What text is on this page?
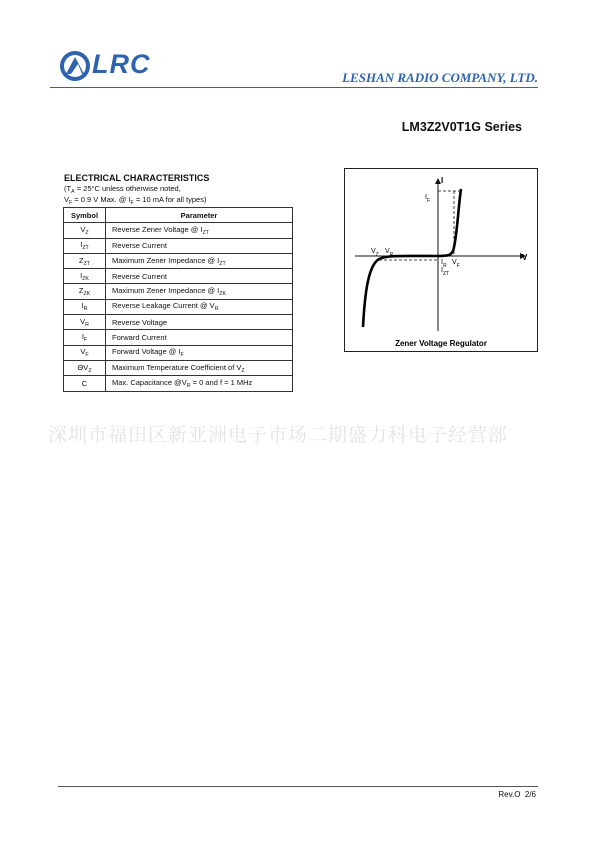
LRC	LESHAN RADIO COMPANY, LTD.
LM3Z2V0T1G Series
ELECTRICAL CHARACTERISTICS
($T_A = 25^\circ C$ unless otherwise noted,
$V_F = 0.9$ V Max. @ $I_F = 10$ mA for all types)
Symbol	Parameter
$V_Z$	Reverse Zener Voltage @ $I_{ZT}$
$I_{ZT}$	Reverse Current
$Z_{ZT}$	Maximum Zener Impedance @ $I_{ZT}$
$I_{ZK}$	Reverse Current
$Z_{ZK}$	Maximum Zener Impedance @ $I_{ZK}$
$I_R$	Reverse Leakage Current @ $V_R$
$V_R$	Reverse Voltage
$I_F$	Forward Current
$V_F$	Forward Voltage @ $I_F$
$\Theta V_Z$	Maximum Temperature Coefficient of $V_Z$
C	Max. Capacitance $@V_R = 0$ and f = 1 MHz
I
V
$I_F$
$V_Z$ $V_R$
$I_R$ $V_F$
$I_{ZT}$
Zener Voltage Regulator
深圳市福田区新亚洲电子市场二期盛力科电子经营部
Rev.O 2/6
